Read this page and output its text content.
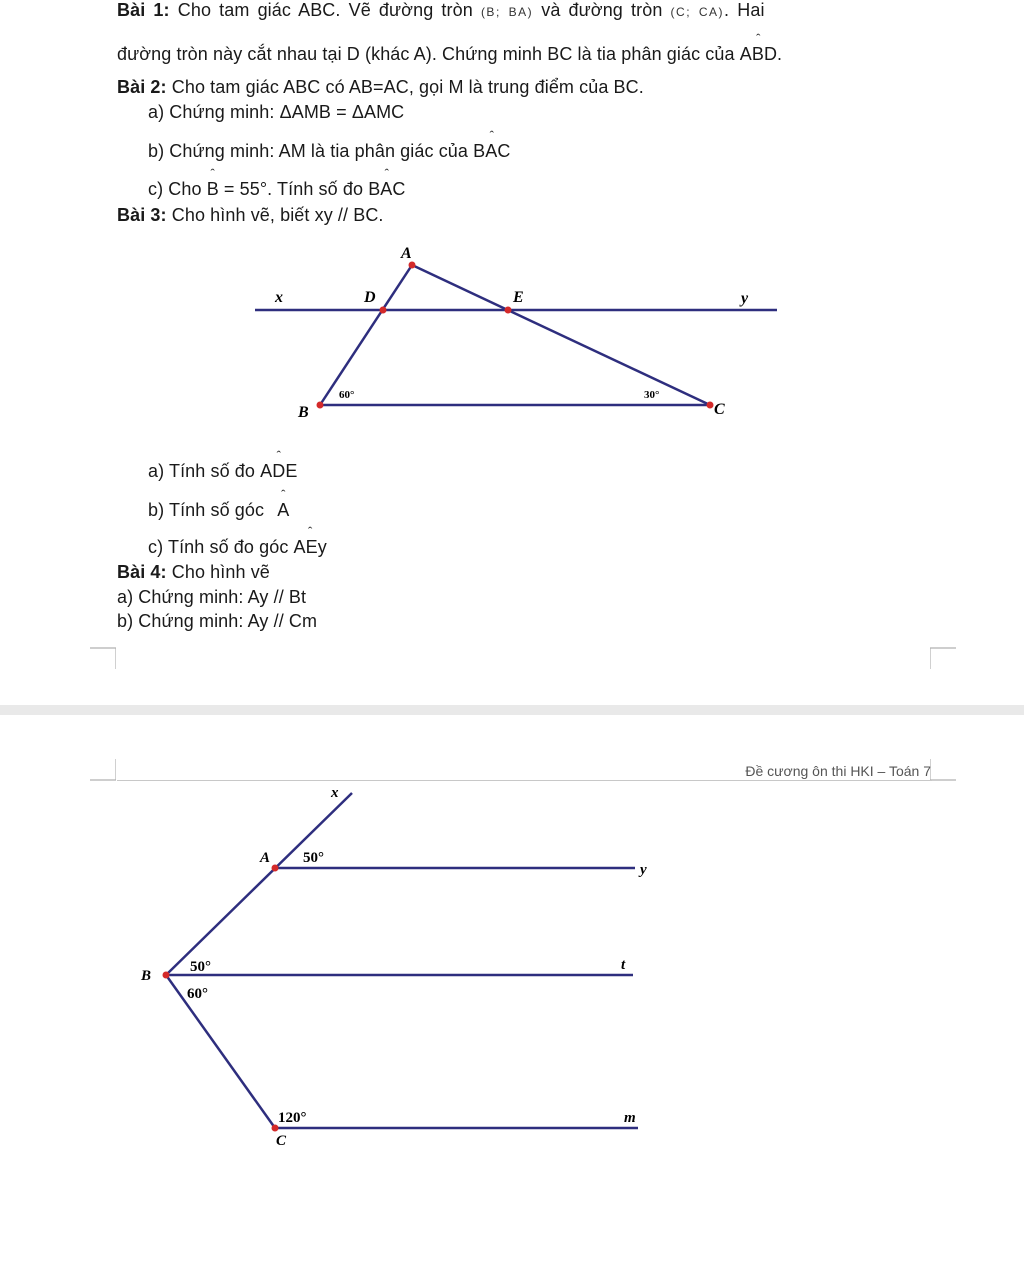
Bài 1: Cho tam giác ABC. Vẽ đường tròn (B; BA) và đường tròn (C; CA). Hai
đường tròn này cắt nhau tại D (khác A). Chứng minh BC là tia phân giác của ˆ ABD.
Bài 2: Cho tam giác ABC có AB=AC, gọi M là trung điểm của BC.
a) Chứng minh: ΔAMB = ΔAMC
b) Chứng minh: AM là tia phân giác của ˆ BAC
c) Cho ˆ B = 55°. Tính số đo ˆ BAC
Bài 3: Cho hình vẽ, biết xy // BC.
A
D	E
x	y
B	C
60°	30°
a) Tính số đo ˆ ADE
b) Tính số góc ˆ A
c) Tính số đo góc ˆ AEy
Bài 4: Cho hình vẽ
a) Chứng minh: Ay // Bt
b) Chứng minh: Ay // Cm
Đề cương ôn thi HKI – Toán 7
x
A
y
B
t
C
m
50°
50°
60°
120°
